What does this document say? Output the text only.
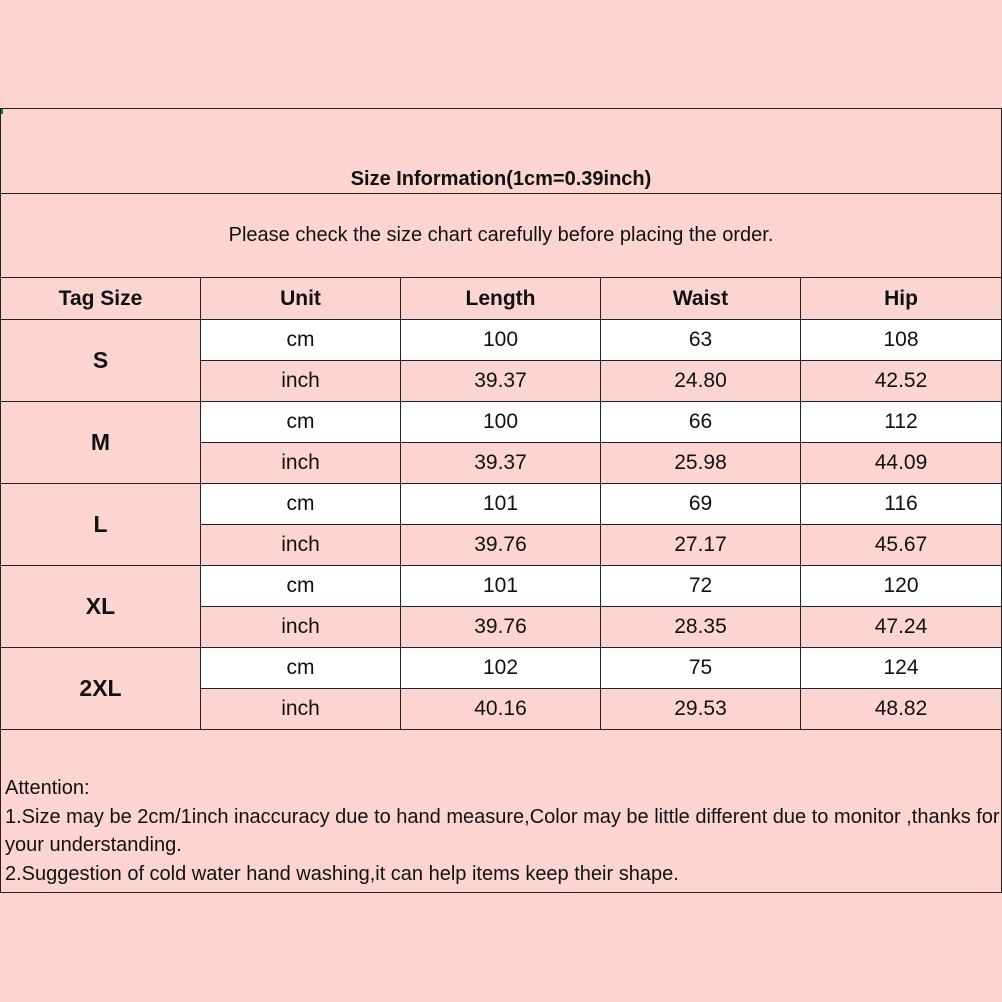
Size Information(1cm=0.39inch)				
Please check the size chart carefully before placing the order.				
Tag Size	Unit	Length	Waist	Hip
S	cm	100	63	108
	inch	39.37	24.80	42.52
M	cm	100	66	112
	inch	39.37	25.98	44.09
L	cm	101	69	116
	inch	39.76	27.17	45.67
XL	cm	101	72	120
	inch	39.76	28.35	47.24
2XL	cm	102	75	124
	inch	40.16	29.53	48.82

Attention:
1.Size may be 2cm/1inch inaccuracy due to hand measure,Color may be little different due to monitor ,thanks for your understanding.
2.Suggestion of cold water hand washing,it can help items keep their shape.				
